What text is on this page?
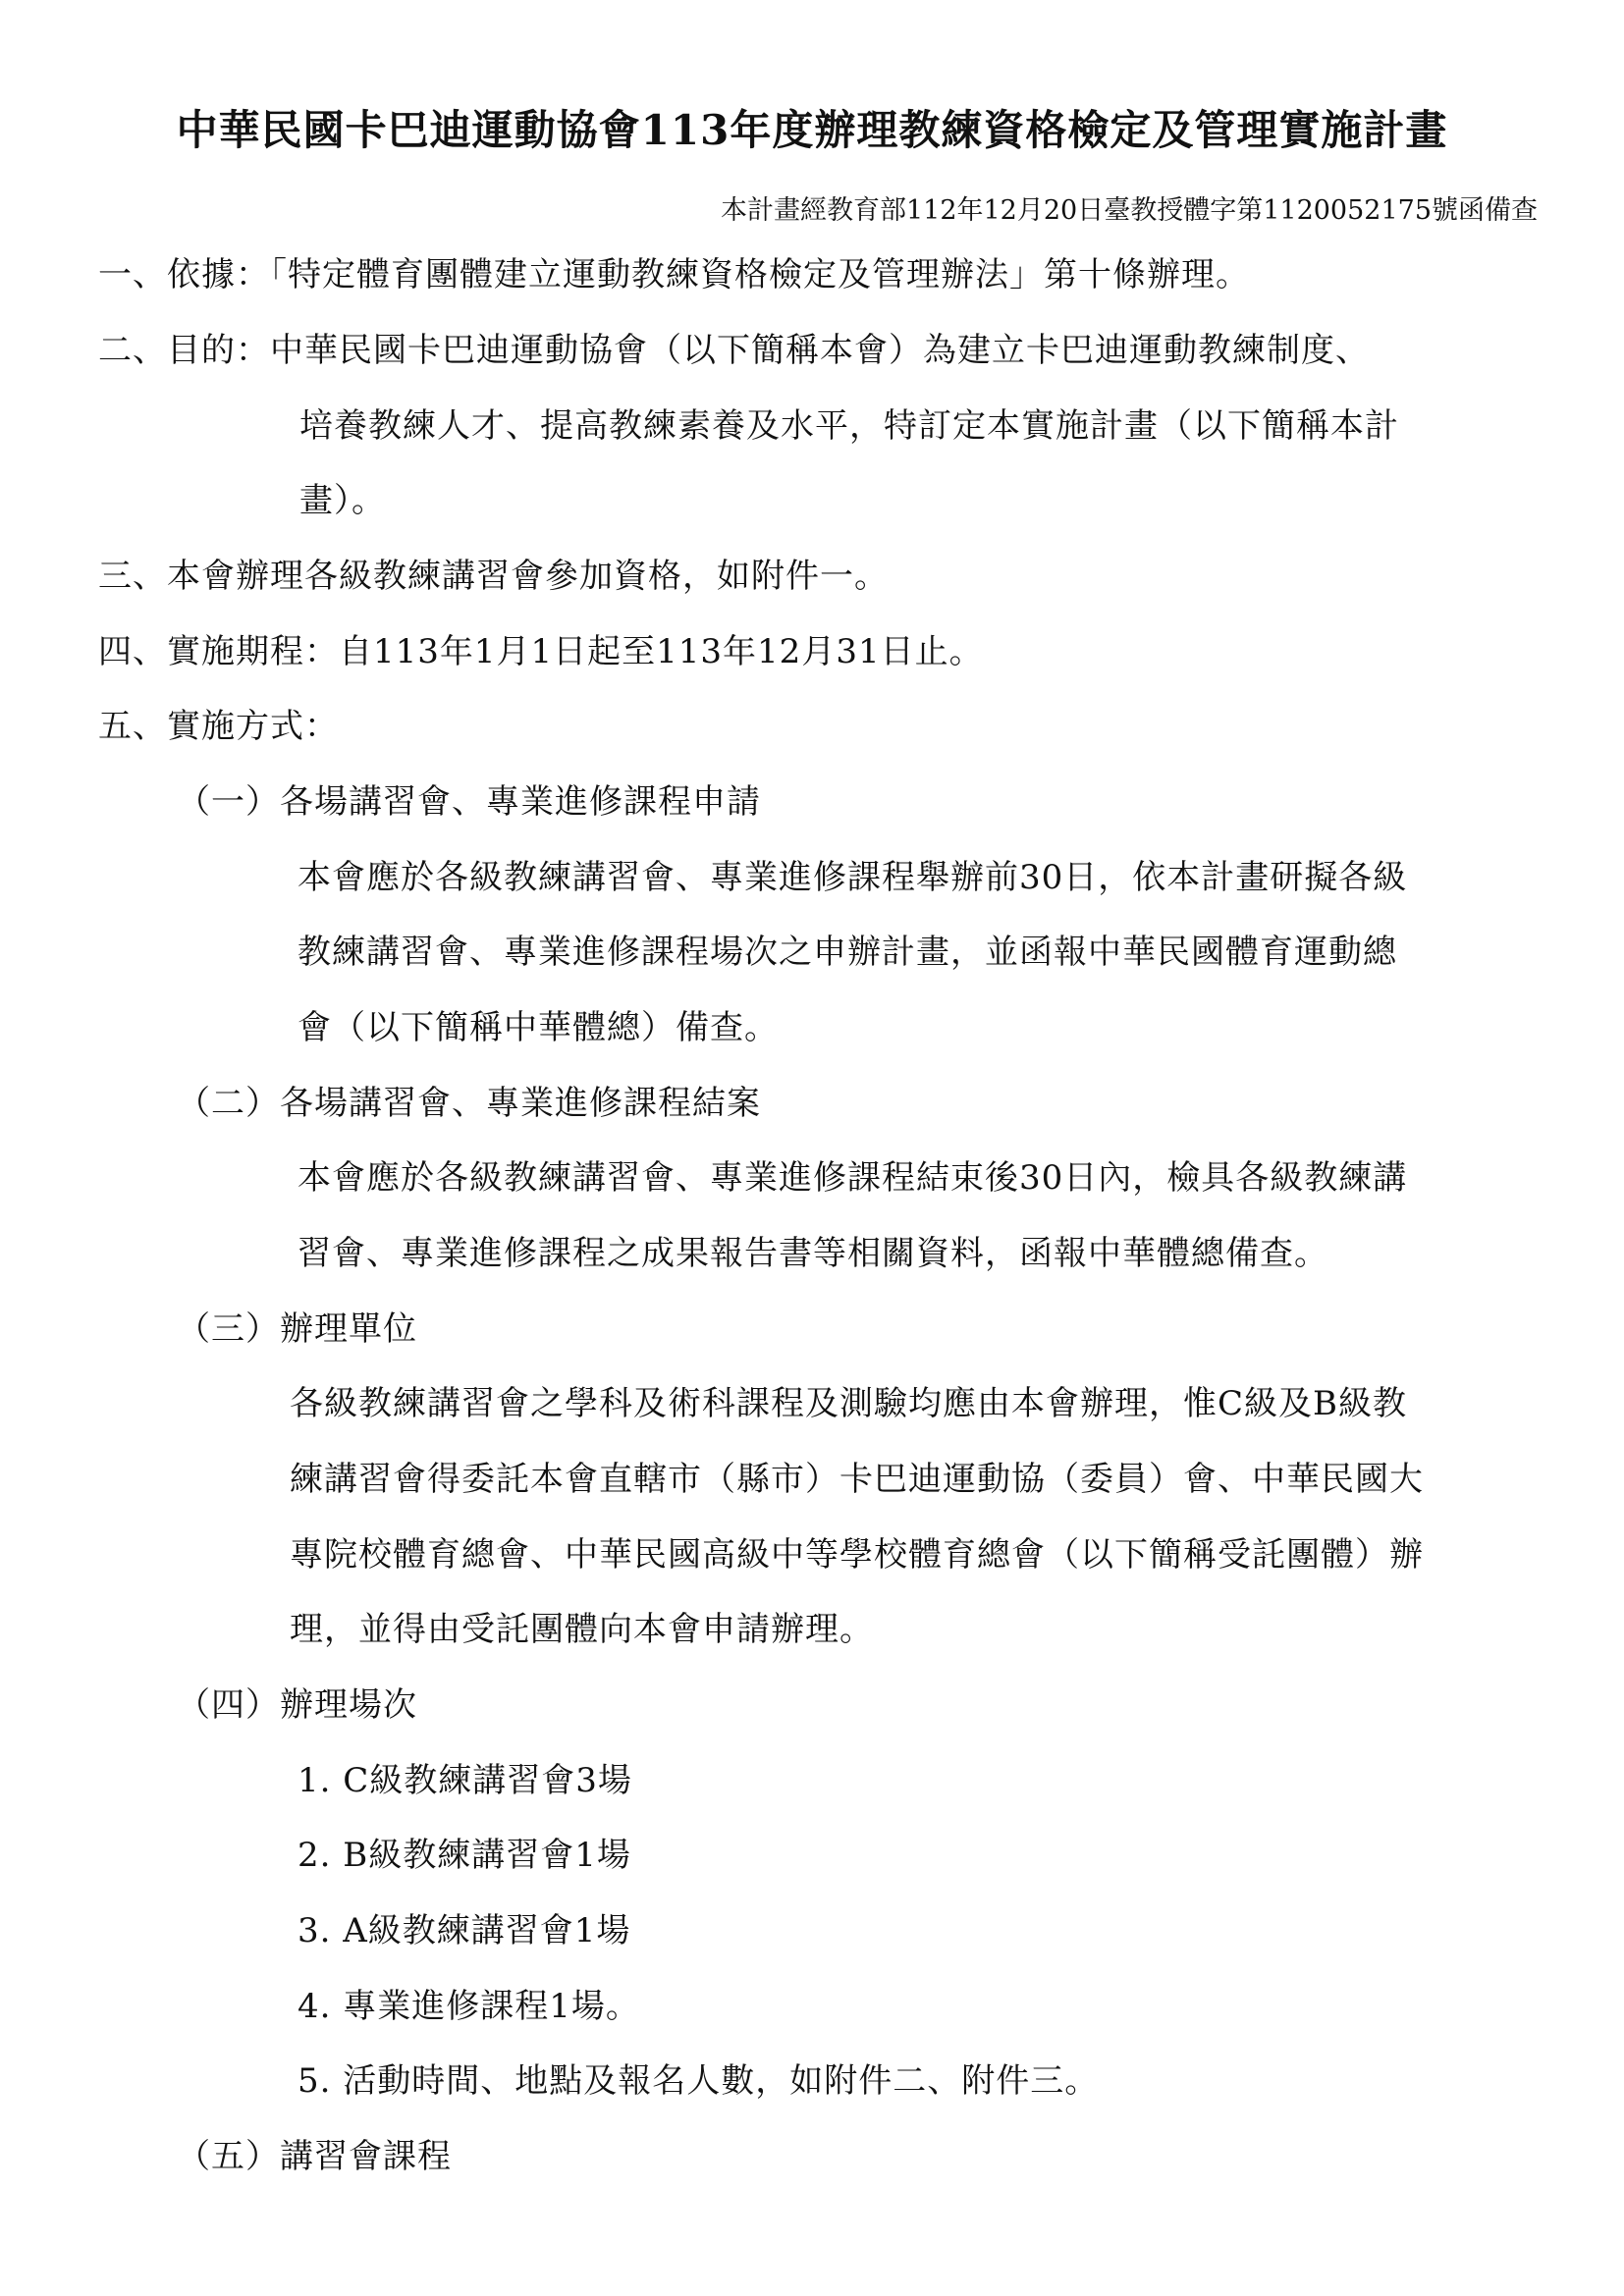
中華民國卡巴迪運動協會113年度辦理教練資格檢定及管理實施計畫
本計畫經教育部112年12月20日臺教授體字第1120052175號函備查
一、依據：「特定體育團體建立運動教練資格檢定及管理辦法」第十條辦理。
二、目的：中華民國卡巴迪運動協會（以下簡稱本會）為建立卡巴迪運動教練制度、
培養教練人才、提高教練素養及水平，特訂定本實施計畫（以下簡稱本計
畫）。
三、本會辦理各級教練講習會參加資格，如附件一。
四、實施期程：自113年1月1日起至113年12月31日止。
五、實施方式：
（一）各場講習會、專業進修課程申請
本會應於各級教練講習會、專業進修課程舉辦前30日，依本計畫研擬各級
教練講習會、專業進修課程場次之申辦計畫，並函報中華民國體育運動總
會（以下簡稱中華體總）備查。
（二）各場講習會、專業進修課程結案
本會應於各級教練講習會、專業進修課程結束後30日內，檢具各級教練講
習會、專業進修課程之成果報告書等相關資料，函報中華體總備查。
（三）辦理單位
各級教練講習會之學科及術科課程及測驗均應由本會辦理，惟C級及B級教
練講習會得委託本會直轄市（縣市）卡巴迪運動協（委員）會、中華民國大
專院校體育總會、中華民國高級中等學校體育總會（以下簡稱受託團體）辦
理，並得由受託團體向本會申請辦理。
（四）辦理場次
1. C級教練講習會3場
2. B級教練講習會1場
3. A級教練講習會1場
4. 專業進修課程1場。
5. 活動時間、地點及報名人數，如附件二、附件三。
（五）講習會課程
